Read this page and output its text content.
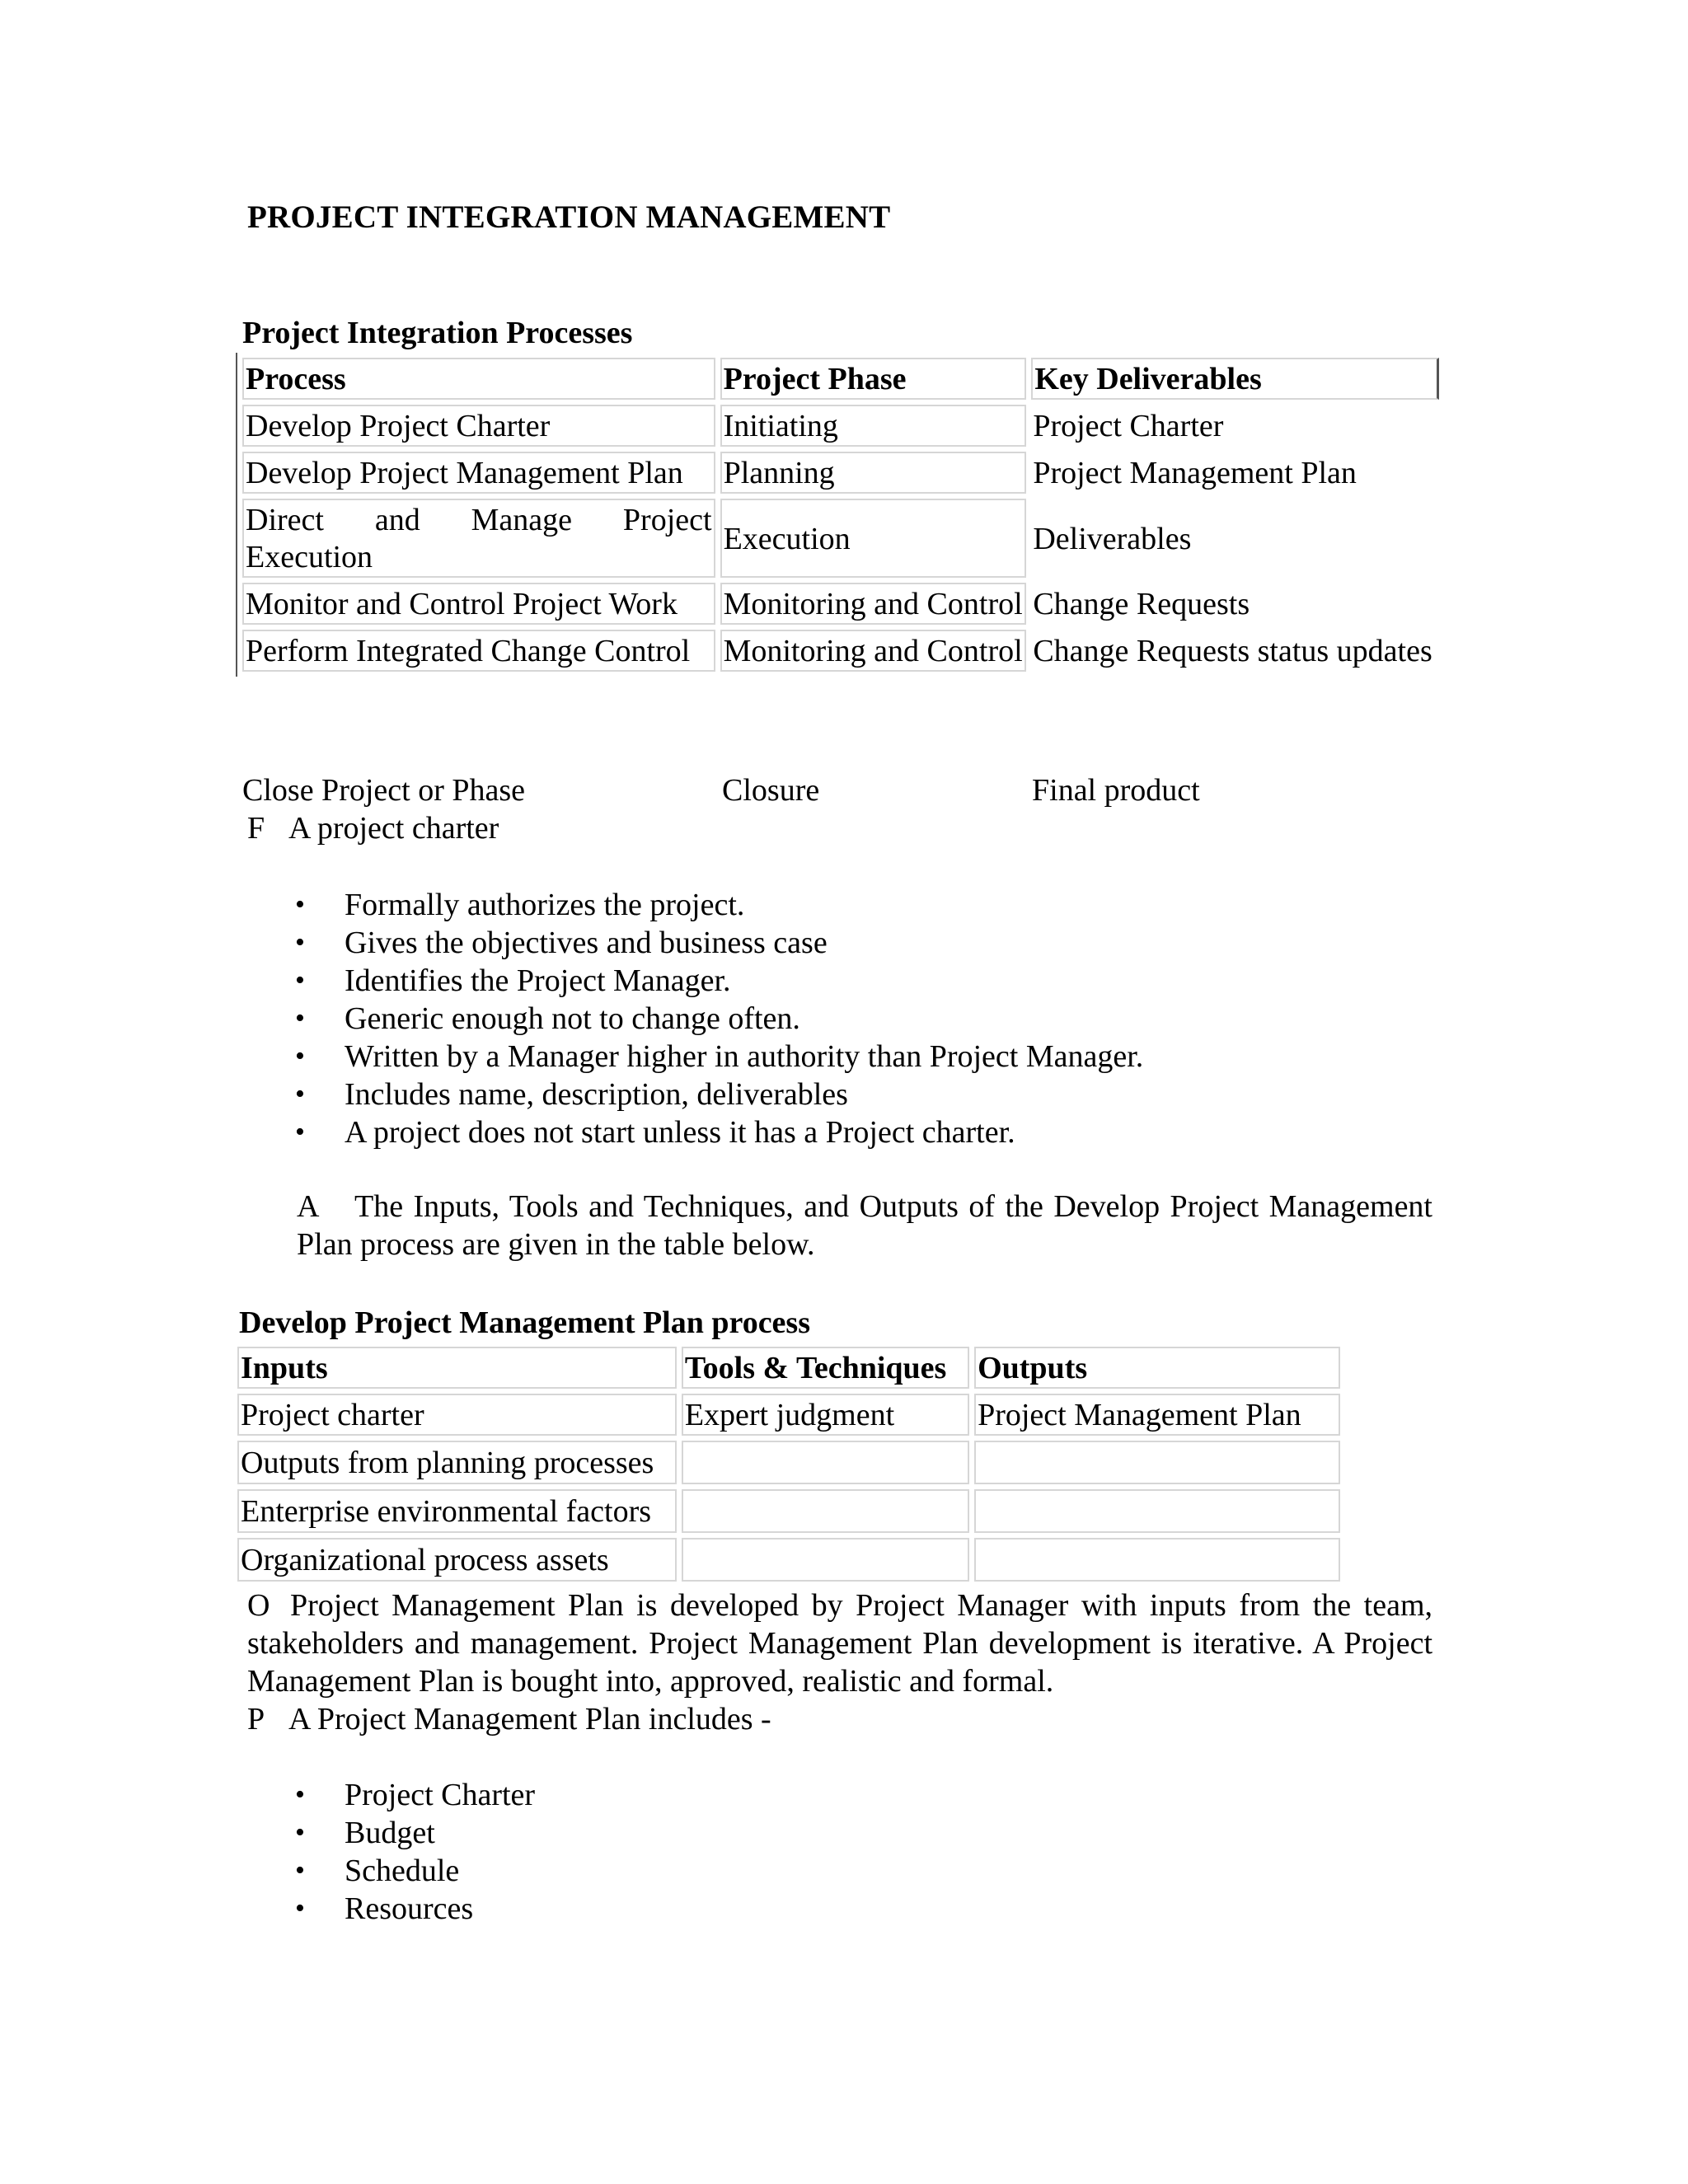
PROJECT INTEGRATION MANAGEMENT
Project Integration Processes
Process	Project Phase	Key Deliverables
Develop Project Charter	Initiating	Project Charter
Develop Project Management Plan	Planning	Project Management Plan
Direct and Manage Project Execution	Execution	Deliverables
Monitor and Control Project Work	Monitoring and Control	Change Requests
Perform Integrated Change Control	Monitoring and Control	Change Requests status updates
Close Project or Phase	Closure	Final product
F A project charter
• Formally authorizes the project.
• Gives the objectives and business case
• Identifies the Project Manager.
• Generic enough not to change often.
• Written by a Manager higher in authority than Project Manager.
• Includes name, description, deliverables
• A project does not start unless it has a Project charter.
A The Inputs, Tools and Techniques, and Outputs of the Develop Project Management Plan process are given in the table below.
Develop Project Management Plan process
Inputs	Tools & Techniques	Outputs
Project charter	Expert judgment	Project Management Plan
Outputs from planning processes		
Enterprise environmental factors		
Organizational process assets		
O Project Management Plan is developed by Project Manager with inputs from the team, stakeholders and management. Project Management Plan development is iterative. A Project Management Plan is bought into, approved, realistic and formal.
P A Project Management Plan includes -
• Project Charter
• Budget
• Schedule
• Resources
